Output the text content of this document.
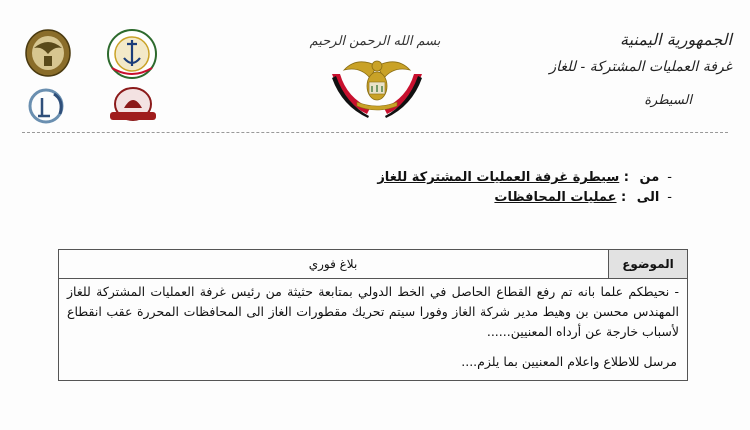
الجمهورية اليمنية
غرفة العمليات المشتركة - للغاز
السيطرة
بسم الله الرحمن الرحيم
-من : سيطرة غرفة العمليات المشتركة للغاز
-الى : عمليات المحافظات
الموضوع
بلاغ فوري
- نحيطكم علما بانه تم رفع القطاع الحاصل في الخط الدولي بمتابعة حثيثة من رئيس غرفة العمليات المشتركة للغاز المهندس محسن بن وهيط مدير شركة الغاز وفورا سيتم تحريك مقطورات الغاز الى المحافظات المحررة عقب انقطاع لأسباب خارجة عن أرداه المعنيين......
مرسل للاطلاع واعلام المعنيين بما يلزم....
